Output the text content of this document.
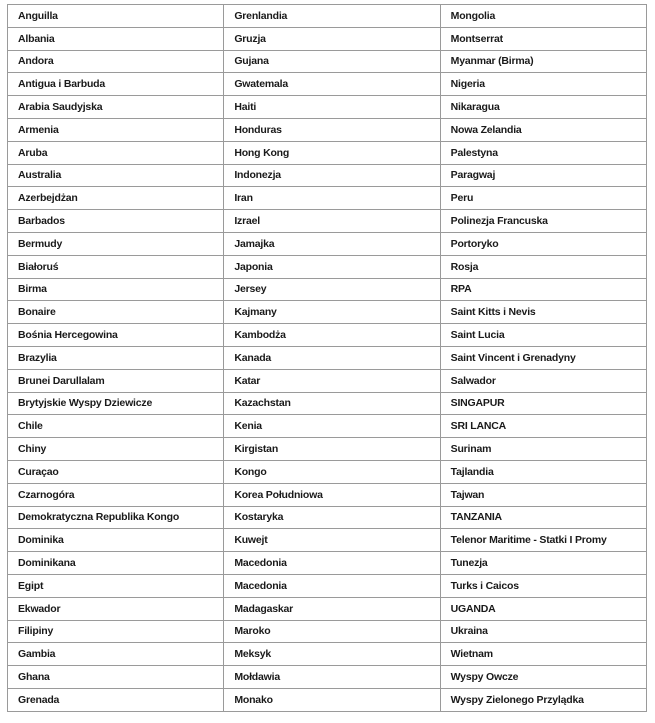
Anguilla	Grenlandia	Mongolia
Albania	Gruzja	Montserrat
Andora	Gujana	Myanmar (Birma)
Antigua i Barbuda	Gwatemala	Nigeria
Arabia Saudyjska	Haiti	Nikaragua
Armenia	Honduras	Nowa Zelandia
Aruba	Hong Kong	Palestyna
Australia	Indonezja	Paragwaj
Azerbejdżan	Iran	Peru
Barbados	Izrael	Polinezja Francuska
Bermudy	Jamajka	Portoryko
Białoruś	Japonia	Rosja
Birma	Jersey	RPA
Bonaire	Kajmany	Saint Kitts i Nevis
Bośnia Hercegowina	Kambodża	Saint Lucia
Brazylia	Kanada	Saint Vincent i Grenadyny
Brunei Darullalam	Katar	Salwador
Brytyjskie Wyspy Dziewicze	Kazachstan	SINGAPUR
Chile	Kenia	SRI LANCA
Chiny	Kirgistan	Surinam
Curaçao	Kongo	Tajlandia
Czarnogóra	Korea Południowa	Tajwan
Demokratyczna Republika Kongo	Kostaryka	TANZANIA
Dominika	Kuwejt	Telenor Maritime - Statki I Promy
Dominikana	Macedonia	Tunezja
Egipt	Macedonia	Turks i Caicos
Ekwador	Madagaskar	UGANDA
Filipiny	Maroko	Ukraina
Gambia	Meksyk	Wietnam
Ghana	Mołdawia	Wyspy Owcze
Grenada	Monako	Wyspy Zielonego Przylądka
